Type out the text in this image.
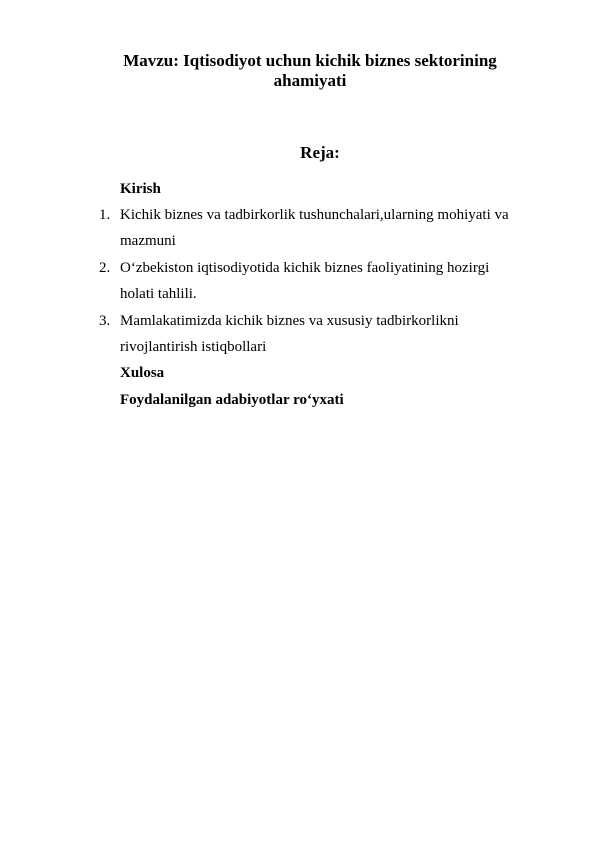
Mavzu: Iqtisodiyot uchun kichik biznes sektorining
ahamiyati
Reja:
Kirish
1. Kichik biznes va tadbirkorlik tushunchalari,ularning mohiyati va
mazmuni
2. O‘zbekiston iqtisodiyotida kichik biznes faoliyatining hozirgi
holati tahlili.
3. Mamlakatimizda kichik biznes va xususiy tadbirkorlikni
rivojlantirish istiqbollari
Xulosa
Foydalanilgan adabiyotlar ro‘yxati
